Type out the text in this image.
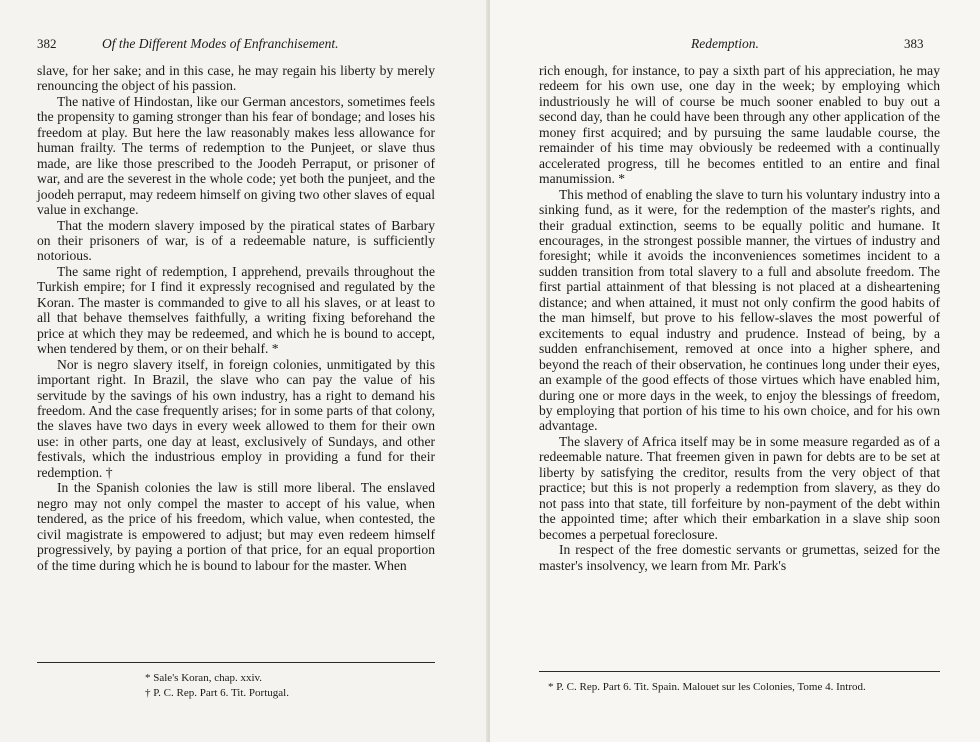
382	Of the Different Modes of Enfranchisement.

slave, for her sake; and in this case, he may regain his liberty by merely renouncing the object of his passion.

The native of Hindostan, like our German ancestors, sometimes feels the propensity to gaming stronger than his fear of bondage; and loses his freedom at play. But here the law reasonably makes less allowance for human frailty. The terms of redemption to the Punjeet, or slave thus made, are like those prescribed to the Joodeh Perraput, or prisoner of war, and are the severest in the whole code; yet both the punjeet, and the joodeh perraput, may redeem himself on giving two other slaves of equal value in exchange.

That the modern slavery imposed by the piratical states of Barbary on their prisoners of war, is of a redeemable nature, is sufficiently notorious.

The same right of redemption, I apprehend, prevails throughout the Turkish empire; for I find it expressly recognised and regulated by the Koran. The master is commanded to give to all his slaves, or at least to all that behave themselves faithfully, a writing fixing beforehand the price at which they may be redeemed, and which he is bound to accept, when tendered by them, or on their behalf. *

Nor is negro slavery itself, in foreign colonies, unmitigated by this important right. In Brazil, the slave who can pay the value of his servitude by the savings of his own industry, has a right to demand his freedom. And the case frequently arises; for in some parts of that colony, the slaves have two days in every week allowed to them for their own use: in other parts, one day at least, exclusively of Sundays, and other festivals, which the industrious employ in providing a fund for their redemption. †

In the Spanish colonies the law is still more liberal. The enslaved negro may not only compel the master to accept of his value, when tendered, as the price of his freedom, which value, when contested, the civil magistrate is empowered to adjust; but may even redeem himself progressively, by paying a portion of that price, for an equal proportion of the time during which he is bound to labour for the master. When

* Sale's Koran, chap. xxiv.
† P. C. Rep. Part 6. Tit. Portugal.
Redemption.	383

rich enough, for instance, to pay a sixth part of his appreciation, he may redeem for his own use, one day in the week; by employing which industriously he will of course be much sooner enabled to buy out a second day, than he could have been through any other application of the money first acquired; and by pursuing the same laudable course, the remainder of his time may obviously be redeemed with a continually accelerated progress, till he becomes entitled to an entire and final manumission. *

This method of enabling the slave to turn his voluntary industry into a sinking fund, as it were, for the redemption of the master's rights, and their gradual extinction, seems to be equally politic and humane. It encourages, in the strongest possible manner, the virtues of industry and foresight; while it avoids the inconveniences sometimes incident to a sudden transition from total slavery to a full and absolute freedom. The first partial attainment of that blessing is not placed at a disheartening distance; and when attained, it must not only confirm the good habits of the man himself, but prove to his fellow-slaves the most powerful of excitements to equal industry and prudence. Instead of being, by a sudden enfranchisement, removed at once into a higher sphere, and beyond the reach of their observation, he continues long under their eyes, an example of the good effects of those virtues which have enabled him, during one or more days in the week, to enjoy the blessings of freedom, by employing that portion of his time to his own choice, and for his own advantage.

The slavery of Africa itself may be in some measure regarded as of a redeemable nature. That freemen given in pawn for debts are to be set at liberty by satisfying the creditor, results from the very object of that practice; but this is not properly a redemption from slavery, as they do not pass into that state, till forfeiture by non-payment of the debt within the appointed time; after which their embarkation in a slave ship soon becomes a perpetual foreclosure.

In respect of the free domestic servants or grumettas, seized for the master's insolvency, we learn from Mr. Park's

* P. C. Rep. Part 6. Tit. Spain. Malouet sur les Colonies, Tome 4. Introd.
